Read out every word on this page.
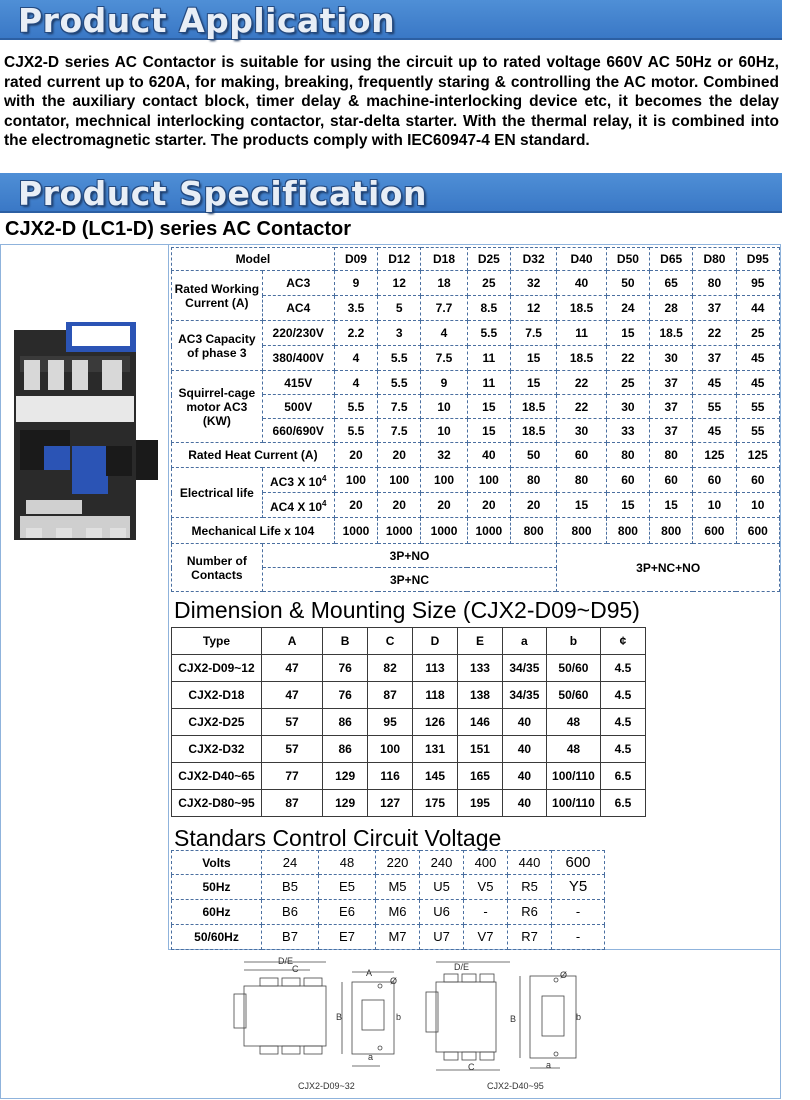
Product Application
CJX2-D series AC Contactor is suitable for using the circuit up to rated voltage 660V AC 50Hz or 60Hz, rated current up to 620A, for making, breaking, frequently staring & controlling the AC motor. Combined with the auxiliary contact block, timer delay & machine-interlocking device etc, it becomes the delay contator, mechnical interlocking contactor, star-delta starter. With the thermal relay, it is combined into the electromagnetic starter. The products comply with IEC60947-4 EN standard.
Product Specification
CJX2-D (LC1-D) series AC Contactor
Model		D09	D12	D18	D25	D32	D40	D50	D65	D80	D95
Rated Working Current (A)	AC3	9	12	18	25	32	40	50	65	80	95
	AC4	3.5	5	7.7	8.5	12	18.5	24	28	37	44
AC3 Capacity of phase 3	220/230V	2.2	3	4	5.5	7.5	11	15	18.5	22	25
	380/400V	4	5.5	7.5	11	15	18.5	22	30	37	45
Squirrel-cage motor AC3 (KW)	415V	4	5.5	9	11	15	22	25	37	45	45
	500V	5.5	7.5	10	15	18.5	22	30	37	55	55
	660/690V	5.5	7.5	10	15	18.5	30	33	37	45	55
Rated Heat Current (A)		20	20	32	40	50	60	80	80	125	125
Electrical life	AC3 X $10^4$	100	100	100	100	80	80	60	60	60	60
	AC4 X $10^4$	20	20	20	20	20	15	15	15	10	10
Mechanical Life x 104		1000	1000	1000	1000	800	800	800	800	600	600
Number of Contacts	3P+NO						3P+NC+NO				
	3P+NC										
Dimension & Mounting Size (CJX2-D09~D95)
Type	A	B	C	D	E	a	b	¢
CJX2-D09~12	47	76	82	113	133	34/35	50/60	4.5
CJX2-D18	47	76	87	118	138	34/35	50/60	4.5
CJX2-D25	57	86	95	126	146	40	48	4.5
CJX2-D32	57	86	100	131	151	40	48	4.5
CJX2-D40~65	77	129	116	145	165	40	100/110	6.5
CJX2-D80~95	87	129	127	175	195	40	100/110	6.5
Standars Control Circuit Voltage
Volts	24	48	220	240	400	440	600
50Hz	B5	E5	M5	U5	V5	R5	Y5
60Hz	B6	E6	M6	U6	-	R6	-
50/60Hz	B7	E7	M7	U7	V7	R7	-
CJX2-D09~32	CJX2-D40~95
D/E
C	A
Ø
B	b
a
D/E
Ø
B	b
C	a
